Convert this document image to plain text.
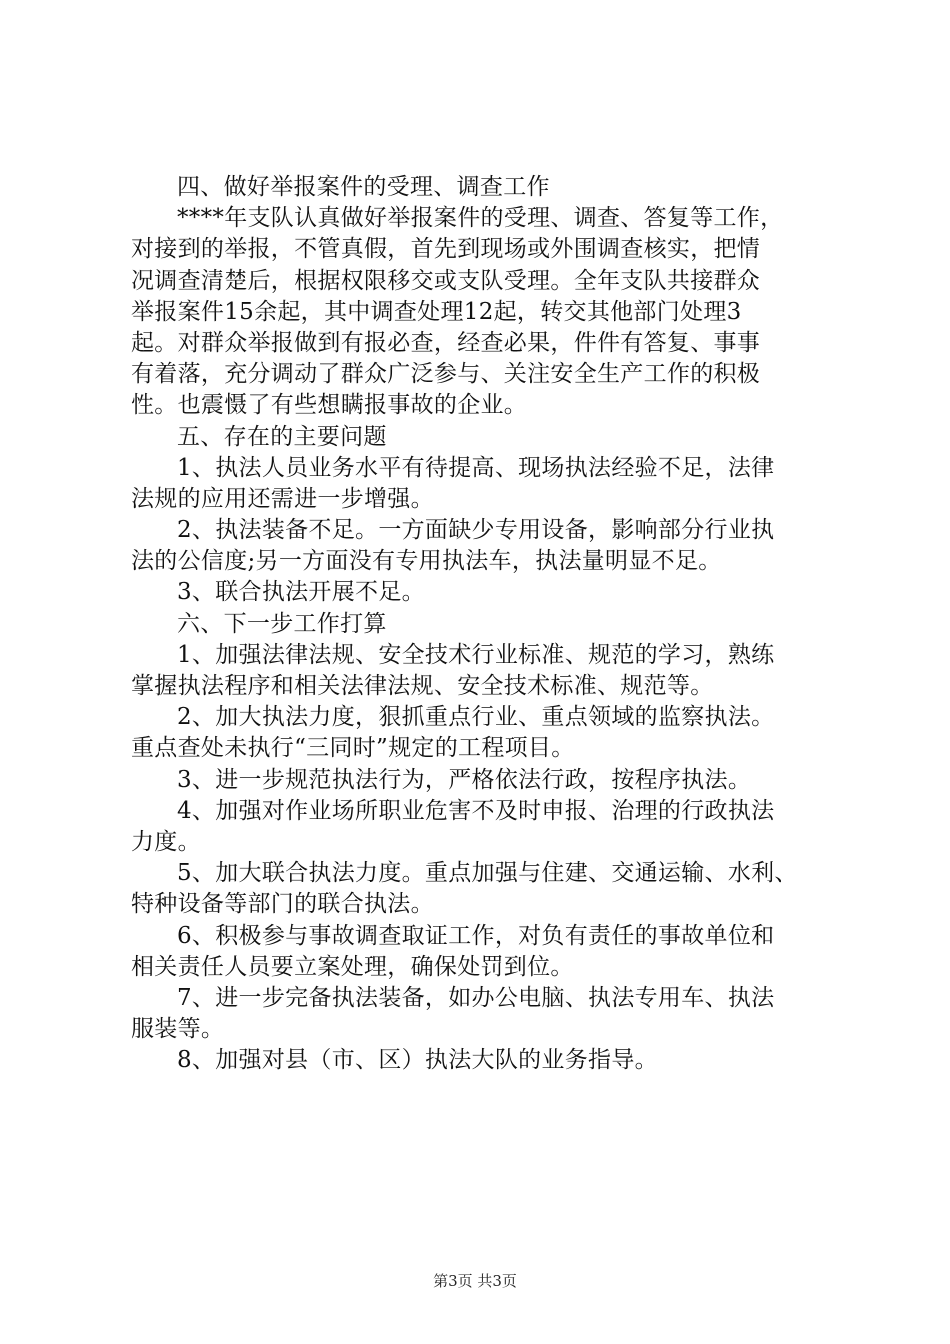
四、做好举报案件的受理、调查工作
****年支队认真做好举报案件的受理、调查、答复等工作，
对接到的举报，不管真假，首先到现场或外围调查核实，把情
况调查清楚后，根据权限移交或支队受理。全年支队共接群众
举报案件15余起，其中调查处理12起，转交其他部门处理3
起。对群众举报做到有报必查，经查必果，件件有答复、事事
有着落，充分调动了群众广泛参与、关注安全生产工作的积极
性。也震慑了有些想瞒报事故的企业。
五、存在的主要问题
1、执法人员业务水平有待提高、现场执法经验不足，法律
法规的应用还需进一步增强。
2、执法装备不足。一方面缺少专用设备，影响部分行业执
法的公信度;另一方面没有专用执法车，执法量明显不足。
3、联合执法开展不足。
六、下一步工作打算
1、加强法律法规、安全技术行业标准、规范的学习，熟练
掌握执法程序和相关法律法规、安全技术标准、规范等。
2、加大执法力度，狠抓重点行业、重点领域的监察执法。
重点查处未执行“三同时”规定的工程项目。
3、进一步规范执法行为，严格依法行政，按程序执法。
4、加强对作业场所职业危害不及时申报、治理的行政执法
力度。
5、加大联合执法力度。重点加强与住建、交通运输、水利、
特种设备等部门的联合执法。
6、积极参与事故调查取证工作，对负有责任的事故单位和
相关责任人员要立案处理，确保处罚到位。
7、进一步完备执法装备，如办公电脑、执法专用车、执法
服装等。
8、加强对县（市、区）执法大队的业务指导。
第3页 共3页
